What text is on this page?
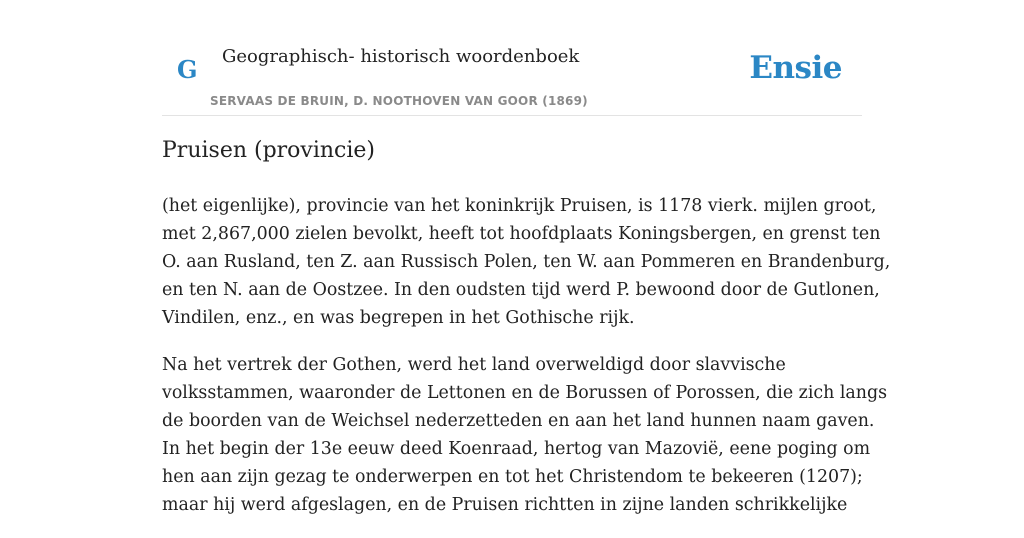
G Geographisch- historisch woordenboek
SERVAAS DE BRUIN, D. NOOTHOVEN VAN GOOR (1869)
Ensie
Pruisen (provincie)

(het eigenlijke), provincie van het koninkrijk Pruisen, is 1178 vierk. mijlen groot,
met 2,867,000 zielen bevolkt, heeft tot hoofdplaats Koningsbergen, en grenst ten
O. aan Rusland, ten Z. aan Russisch Polen, ten W. aan Pommeren en Brandenburg,
en ten N. aan de Oostzee. In den oudsten tijd werd P. bewoond door de Gutlonen,
Vindilen, enz., en was begrepen in het Gothische rijk.

Na het vertrek der Gothen, werd het land overweldigd door slavvische
volksstammen, waaronder de Lettonen en de Borussen of Porossen, die zich langs
de boorden van de Weichsel nederzetteden en aan het land hunnen naam gaven.
In het begin der 13e eeuw deed Koenraad, hertog van Mazovië, eene poging om
hen aan zijn gezag te onderwerpen en tot het Christendom te bekeeren (1207);
maar hij werd afgeslagen, en de Pruisen richtten in zijne landen schrikkelijke
